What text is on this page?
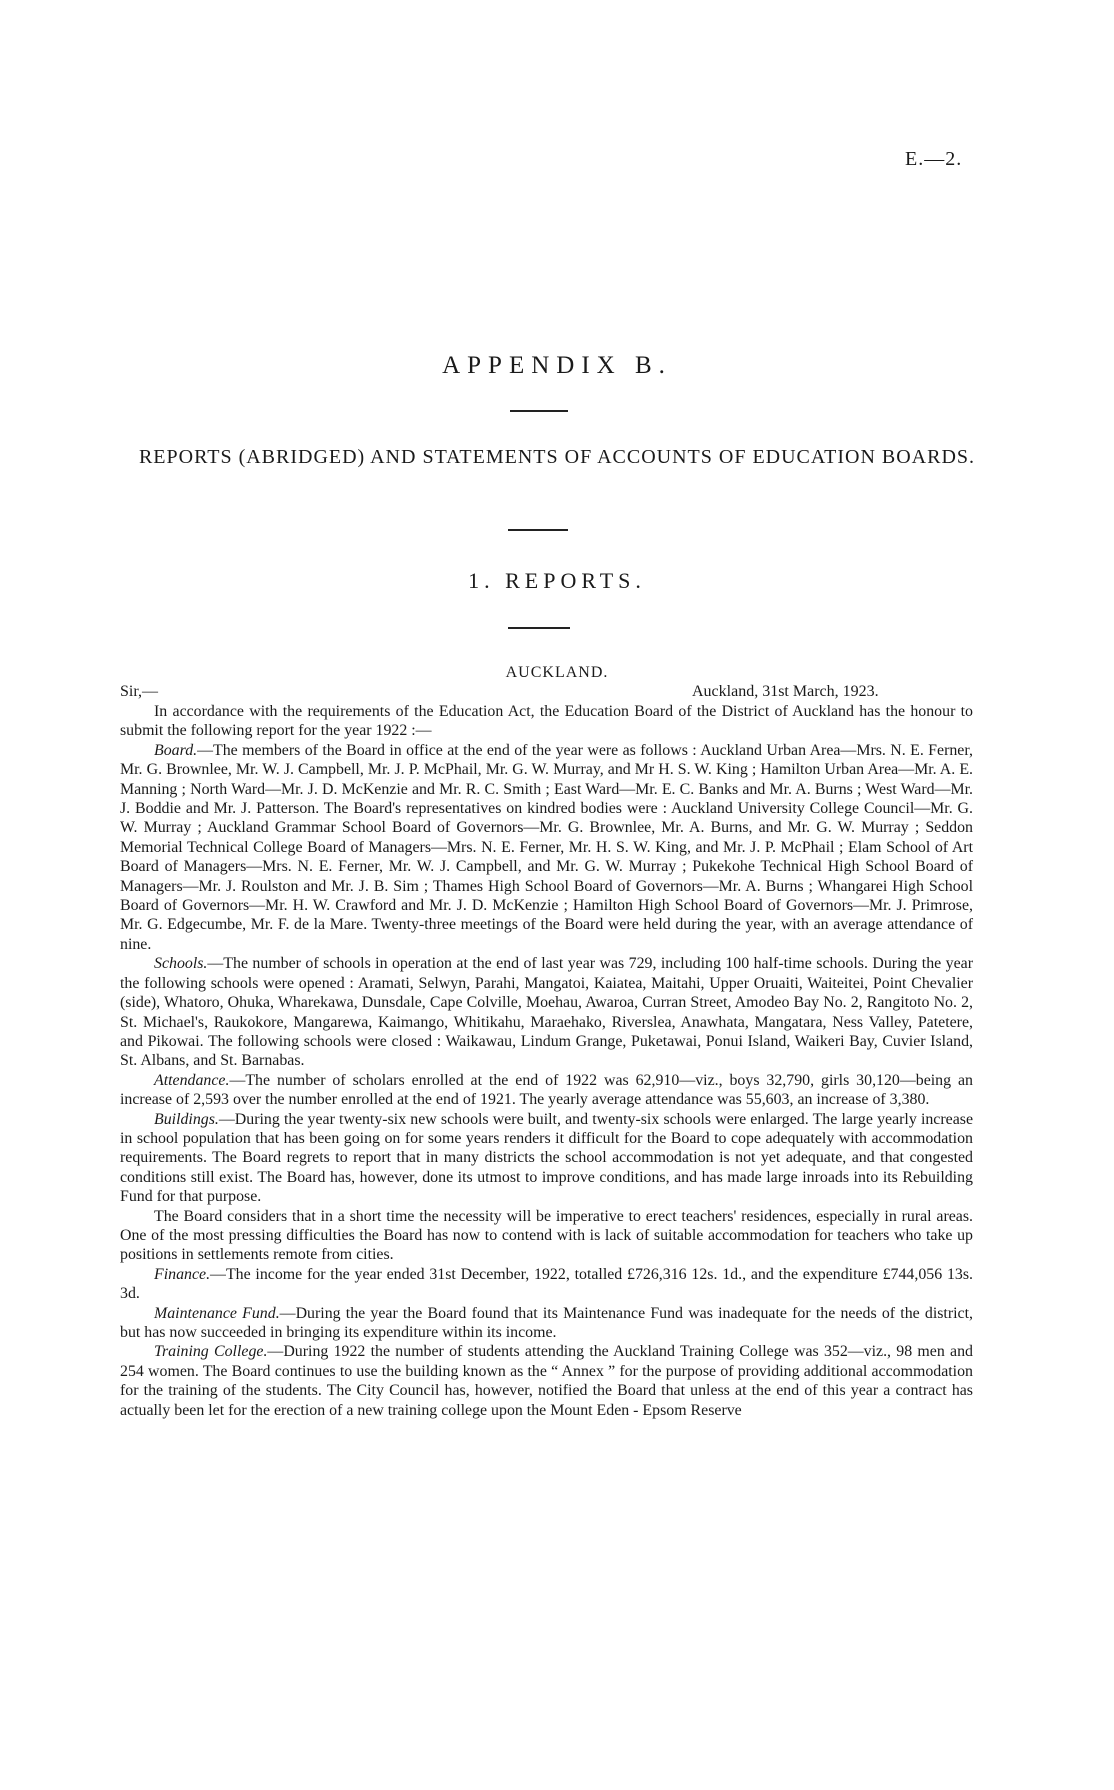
E.—2.
APPENDIX B.
REPORTS (ABRIDGED) AND STATEMENTS OF ACCOUNTS OF EDUCATION BOARDS.
1. REPORTS.
AUCKLAND.
Sir,—	Auckland, 31st March, 1923.

In accordance with the requirements of the Education Act, the Education Board of the District of Auckland has the honour to submit the following report for the year 1922 :—

Board.—The members of the Board in office at the end of the year were as follows : Auckland Urban Area—Mrs. N. E. Ferner, Mr. G. Brownlee, Mr. W. J. Campbell, Mr. J. P. McPhail, Mr. G. W. Murray, and Mr H. S. W. King ; Hamilton Urban Area—Mr. A. E. Manning ; North Ward—Mr. J. D. McKenzie and Mr. R. C. Smith ; East Ward—Mr. E. C. Banks and Mr. A. Burns ; West Ward—Mr. J. Boddie and Mr. J. Patterson. The Board's representatives on kindred bodies were : Auckland University College Council—Mr. G. W. Murray ; Auckland Grammar School Board of Governors—Mr. G. Brownlee, Mr. A. Burns, and Mr. G. W. Murray ; Seddon Memorial Technical College Board of Managers—Mrs. N. E. Ferner, Mr. H. S. W. King, and Mr. J. P. McPhail ; Elam School of Art Board of Managers—Mrs. N. E. Ferner, Mr. W. J. Campbell, and Mr. G. W. Murray ; Pukekohe Technical High School Board of Managers—Mr. J. Roulston and Mr. J. B. Sim ; Thames High School Board of Governors—Mr. A. Burns ; Whangarei High School Board of Governors—Mr. H. W. Crawford and Mr. J. D. McKenzie ; Hamilton High School Board of Governors—Mr. J. Primrose, Mr. G. Edgecumbe, Mr. F. de la Mare. Twenty-three meetings of the Board were held during the year, with an average attendance of nine.

Schools.—The number of schools in operation at the end of last year was 729, including 100 half-time schools. During the year the following schools were opened : Aramati, Selwyn, Parahi, Mangatoi, Kaiatea, Maitahi, Upper Oruaiti, Waiteitei, Point Chevalier (side), Whatoro, Ohuka, Wharekawa, Dunsdale, Cape Colville, Moehau, Awaroa, Curran Street, Amodeo Bay No. 2, Rangitoto No. 2, St. Michael's, Raukokore, Mangarewa, Kaimango, Whitikahu, Maraehako, Riverslea, Anawhata, Mangatara, Ness Valley, Patetere, and Pikowai. The following schools were closed : Waikawau, Lindum Grange, Puketawai, Ponui Island, Waikeri Bay, Cuvier Island, St. Albans, and St. Barnabas.

Attendance.—The number of scholars enrolled at the end of 1922 was 62,910—viz., boys 32,790, girls 30,120—being an increase of 2,593 over the number enrolled at the end of 1921. The yearly average attendance was 55,603, an increase of 3,380.

Buildings.—During the year twenty-six new schools were built, and twenty-six schools were enlarged. The large yearly increase in school population that has been going on for some years renders it difficult for the Board to cope adequately with accommodation requirements. The Board regrets to report that in many districts the school accommodation is not yet adequate, and that congested conditions still exist. The Board has, however, done its utmost to improve conditions, and has made large inroads into its Rebuilding Fund for that purpose.

The Board considers that in a short time the necessity will be imperative to erect teachers' residences, especially in rural areas. One of the most pressing difficulties the Board has now to contend with is lack of suitable accommodation for teachers who take up positions in settlements remote from cities.

Finance.—The income for the year ended 31st December, 1922, totalled £726,316 12s. 1d., and the expenditure £744,056 13s. 3d.

Maintenance Fund.—During the year the Board found that its Maintenance Fund was inadequate for the needs of the district, but has now succeeded in bringing its expenditure within its income.

Training College.—During 1922 the number of students attending the Auckland Training College was 352—viz., 98 men and 254 women. The Board continues to use the building known as the “ Annex ” for the purpose of providing additional accommodation for the training of the students. The City Council has, however, notified the Board that unless at the end of this year a contract has actually been let for the erection of a new training college upon the Mount Eden - Epsom Reserve
